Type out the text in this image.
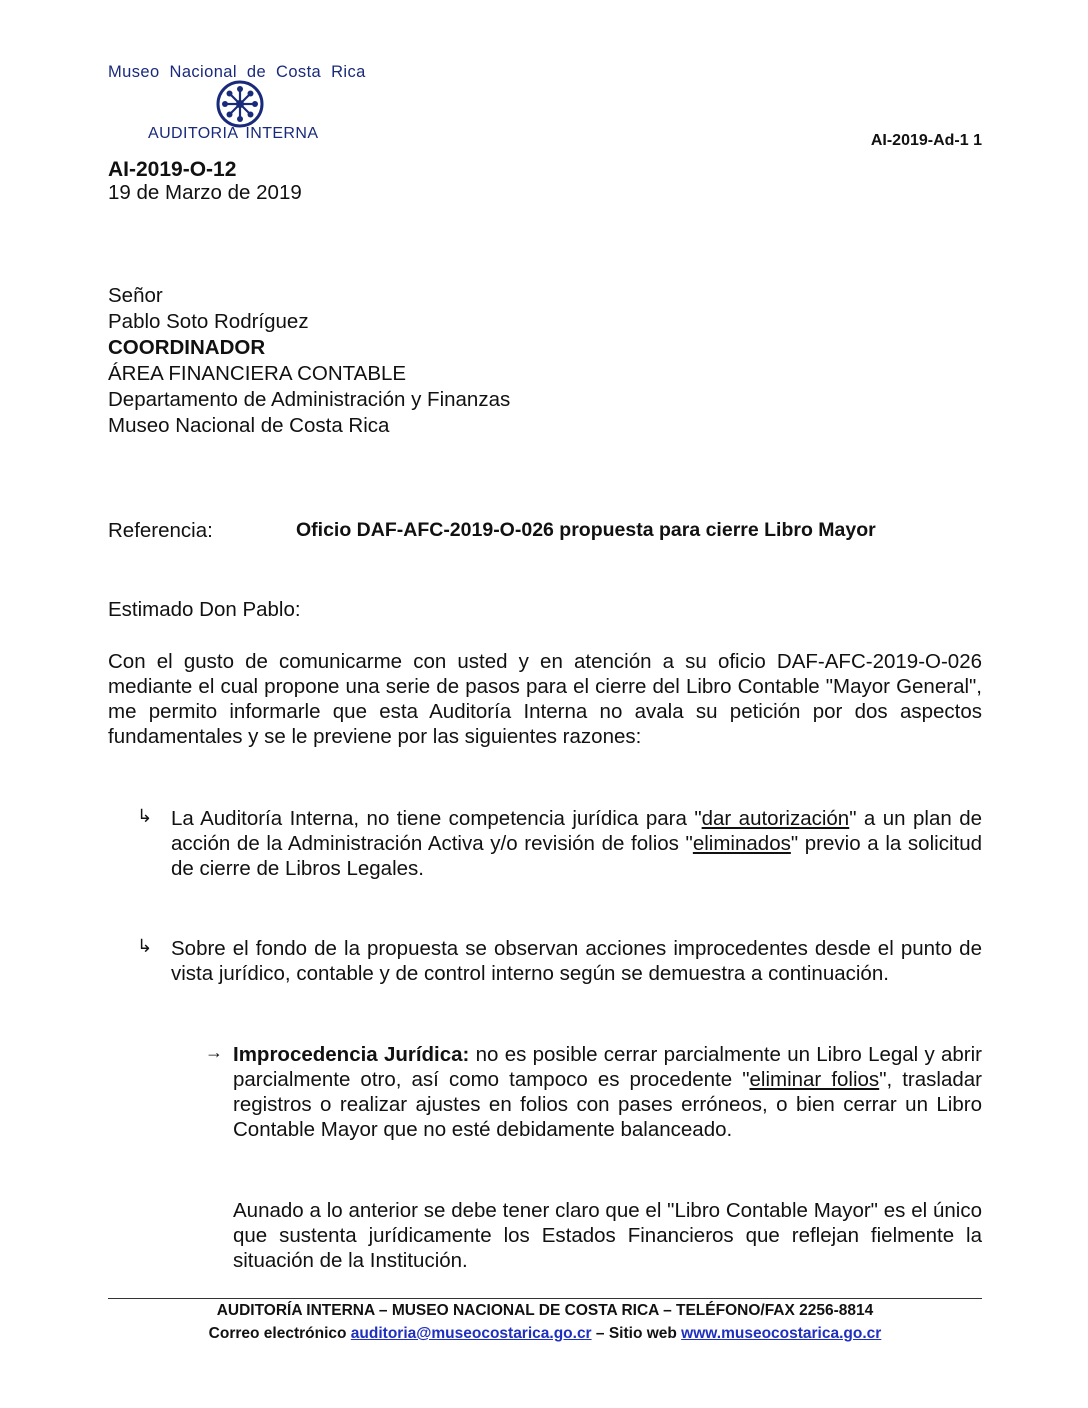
Museo Nacional de Costa Rica
AUDITORIA INTERNA	AI-2019-Ad-1 1
AI-2019-O-12
19 de Marzo de 2019
Señor
Pablo Soto Rodríguez
COORDINADOR
ÁREA FINANCIERA CONTABLE
Departamento de Administración y Finanzas
Museo Nacional de Costa Rica
Referencia:	Oficio DAF-AFC-2019-O-026 propuesta para cierre Libro Mayor
Estimado Don Pablo:
Con el gusto de comunicarme con usted y en atención a su oficio DAF-AFC-2019-O-026 mediante el cual propone una serie de pasos para el cierre del Libro Contable "Mayor General", me permito informarle que esta Auditoría Interna no avala su petición por dos aspectos fundamentales y se le previene por las siguientes razones:
↳ La Auditoría Interna, no tiene competencia jurídica para "dar autorización" a un plan de acción de la Administración Activa y/o revisión de folios "eliminados" previo a la solicitud de cierre de Libros Legales.
↳ Sobre el fondo de la propuesta se observan acciones improcedentes desde el punto de vista jurídico, contable y de control interno según se demuestra a continuación.
→ Improcedencia Jurídica: no es posible cerrar parcialmente un Libro Legal y abrir parcialmente otro, así como tampoco es procedente "eliminar folios", trasladar registros o realizar ajustes en folios con pases erróneos, o bien cerrar un Libro Contable Mayor que no esté debidamente balanceado.
Aunado a lo anterior se debe tener claro que el "Libro Contable Mayor" es el único que sustenta jurídicamente los Estados Financieros que reflejan fielmente la situación de la Institución.
AUDITORÍA INTERNA – MUSEO NACIONAL DE COSTA RICA – TELÉFONO/FAX 2256-8814
Correo electrónico auditoria@museocostarica.go.cr – Sitio web www.museocostarica.go.cr
